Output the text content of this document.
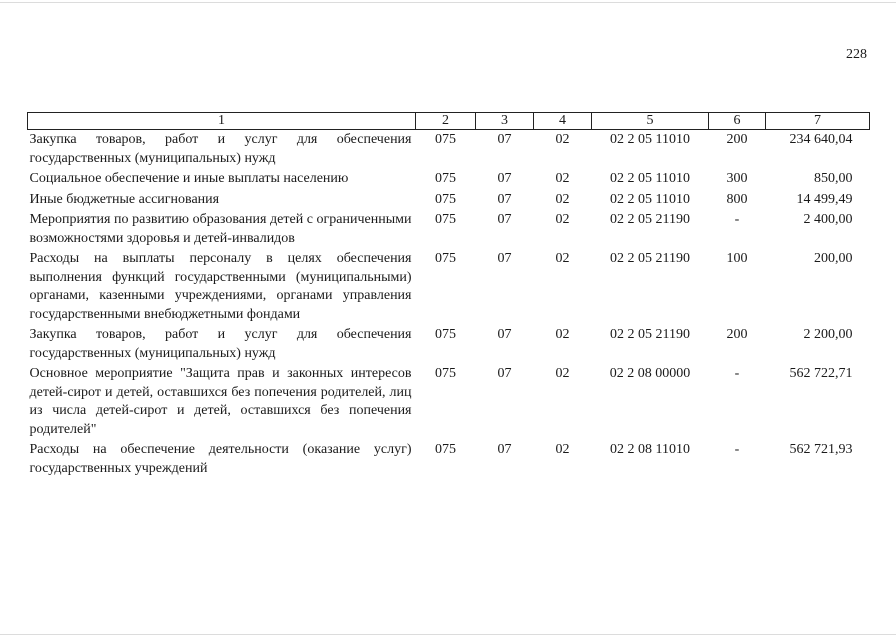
228
1	2	3	4	5	6	7
Закупка товаров, работ и услуг для обеспечения государственных (муниципальных) нужд	075	07	02	02 2 05 11010	200	234 640,04
Социальное обеспечение и иные выплаты населению	075	07	02	02 2 05 11010	300	850,00
Иные бюджетные ассигнования	075	07	02	02 2 05 11010	800	14 499,49
Мероприятия по развитию образования детей с ограниченными возможностями здоровья и детей-инвалидов	075	07	02	02 2 05 21190	-	2 400,00
Расходы на выплаты персоналу в целях обеспечения выполнения функций государственными (муниципальными) органами, казенными учреждениями, органами управления государственными внебюджетными фондами	075	07	02	02 2 05 21190	100	200,00
Закупка товаров, работ и услуг для обеспечения государственных (муниципальных) нужд	075	07	02	02 2 05 21190	200	2 200,00
Основное мероприятие "Защита прав и законных интересов детей-сирот и детей, оставшихся без попечения родителей, лиц из числа детей-сирот и детей, оставшихся без попечения родителей"	075	07	02	02 2 08 00000	-	562 722,71
Расходы на обеспечение деятельности (оказание услуг) государственных учреждений	075	07	02	02 2 08 11010	-	562 721,93
